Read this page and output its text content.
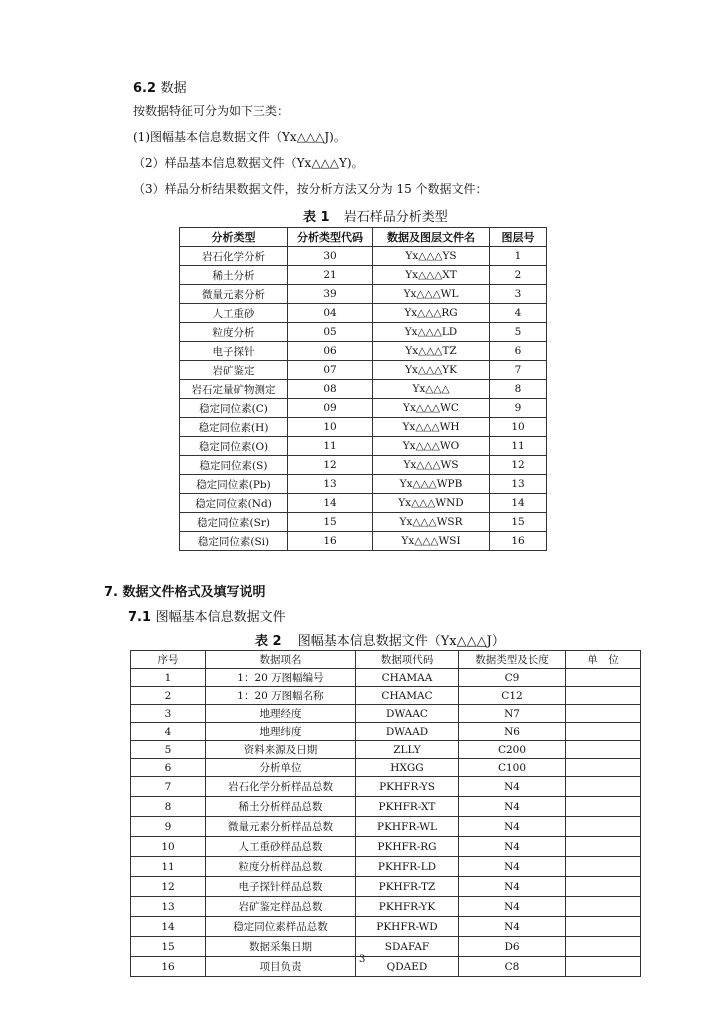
6.2 数据
按数据特征可分为如下三类：
(1)图幅基本信息数据文件（Yx△△△J)。
（2）样品基本信息数据文件（Yx△△△Y)。
（3）样品分析结果数据文件，按分析方法又分为 15 个数据文件：
表 1 岩石样品分析类型
分析类型	分析类型代码	数据及图层文件名	图层号
岩石化学分析	30	Yx△△△YS	1
稀土分析	21	Yx△△△XT	2
微量元素分析	39	Yx△△△WL	3
人工重砂	04	Yx△△△RG	4
粒度分析	05	Yx△△△LD	5
电子探针	06	Yx△△△TZ	6
岩矿鉴定	07	Yx△△△YK	7
岩石定量矿物测定	08	Yx△△△	8
稳定同位素(C)	09	Yx△△△WC	9
稳定同位素(H)	10	Yx△△△WH	10
稳定同位素(O)	11	Yx△△△WO	11
稳定同位素(S)	12	Yx△△△WS	12
稳定同位素(Pb)	13	Yx△△△WPB	13
稳定同位素(Nd)	14	Yx△△△WND	14
稳定同位素(Sr)	15	Yx△△△WSR	15
稳定同位素(Si)	16	Yx△△△WSI	16
7. 数据文件格式及填写说明
7.1 图幅基本信息数据文件
表 2 图幅基本信息数据文件（Yx△△△J）
序号	数据项名	数据项代码	数据类型及长度	单　位
1	1：20 万图幅编号	CHAMAA	C9	
2	1：20 万图幅名称	CHAMAC	C12	
3	地理经度	DWAAC	N7	
4	地理纬度	DWAAD	N6	
5	资料来源及日期	ZLLY	C200	
6	分析单位	HXGG	C100	
7	岩石化学分析样品总数	PKHFR-YS	N4	
8	稀土分析样品总数	PKHFR-XT	N4	
9	微量元素分析样品总数	PKHFR-WL	N4	
10	人工重砂样品总数	PKHFR-RG	N4	
11	粒度分析样品总数	PKHFR-LD	N4	
12	电子探针样品总数	PKHFR-TZ	N4	
13	岩矿鉴定样品总数	PKHFR-YK	N4	
14	稳定同位素样品总数	PKHFR-WD	N4	
15	数据采集日期	SDAFAF	D6	
16	项目负责	QDAED	C8	
3
